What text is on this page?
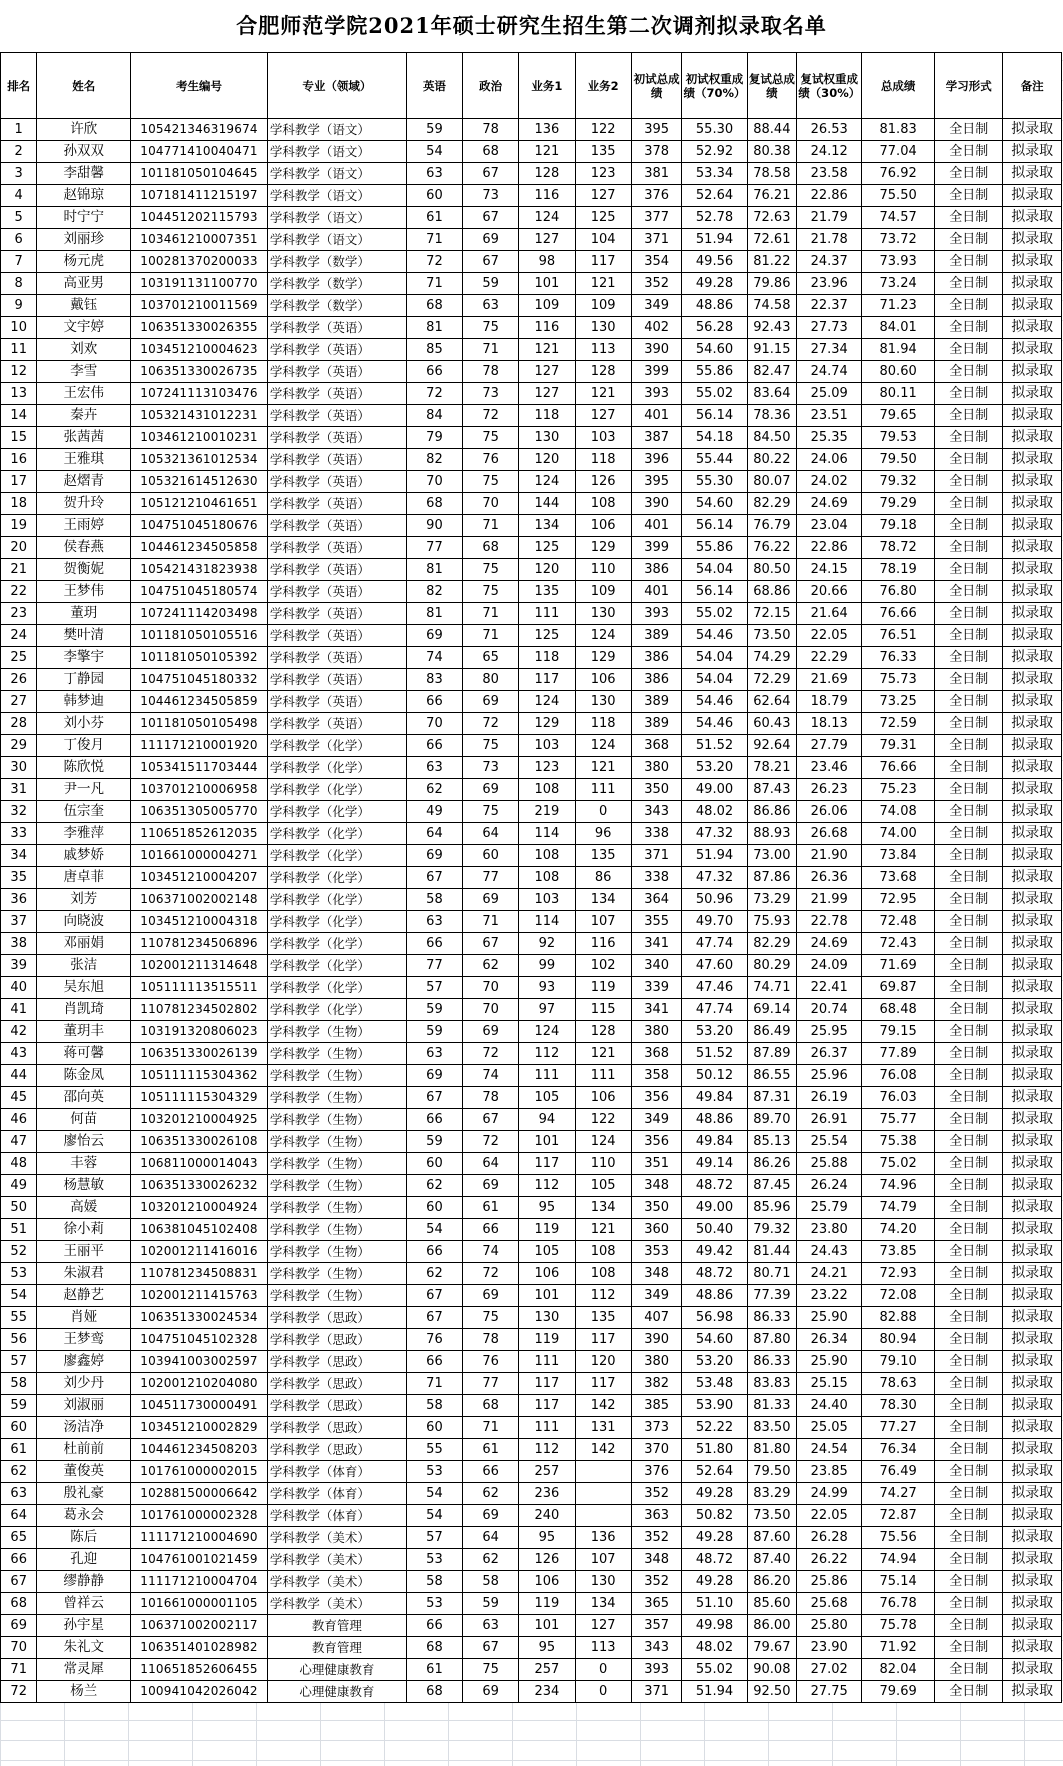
合肥师范学院2021年硕士研究生招生第二次调剂拟录取名单
排名	姓名	考生编号	专业（领域）	英语	政治	业务1	业务2	初试总成绩	初试权重成绩（70%）	复试总成绩	复试权重成绩（30%）	总成绩	学习形式	备注
1	许欣	105421346319674	学科教学（语文）	59	78	136	122	395	55.30	88.44	26.53	81.83	全日制	拟录取
2	孙双双	104771410040471	学科教学（语文）	54	68	121	135	378	52.92	80.38	24.12	77.04	全日制	拟录取
3	李甜馨	101181050104645	学科教学（语文）	63	67	128	123	381	53.34	78.58	23.58	76.92	全日制	拟录取
4	赵锦琼	107181411215197	学科教学（语文）	60	73	116	127	376	52.64	76.21	22.86	75.50	全日制	拟录取
5	时宁宁	104451202115793	学科教学（语文）	61	67	124	125	377	52.78	72.63	21.79	74.57	全日制	拟录取
6	刘丽珍	103461210007351	学科教学（语文）	71	69	127	104	371	51.94	72.61	21.78	73.72	全日制	拟录取
7	杨元虎	100281370200033	学科教学（数学）	72	67	98	117	354	49.56	81.22	24.37	73.93	全日制	拟录取
8	高亚男	103191131100770	学科教学（数学）	71	59	101	121	352	49.28	79.86	23.96	73.24	全日制	拟录取
9	戴钰	103701210011569	学科教学（数学）	68	63	109	109	349	48.86	74.58	22.37	71.23	全日制	拟录取
10	文宇婷	106351330026355	学科教学（英语）	81	75	116	130	402	56.28	92.43	27.73	84.01	全日制	拟录取
11	刘欢	103451210004623	学科教学（英语）	85	71	121	113	390	54.60	91.15	27.34	81.94	全日制	拟录取
12	李雪	106351330026735	学科教学（英语）	66	78	127	128	399	55.86	82.47	24.74	80.60	全日制	拟录取
13	王宏伟	107241113103476	学科教学（英语）	72	73	127	121	393	55.02	83.64	25.09	80.11	全日制	拟录取
14	秦卉	105321431012231	学科教学（英语）	84	72	118	127	401	56.14	78.36	23.51	79.65	全日制	拟录取
15	张茜茜	103461210010231	学科教学（英语）	79	75	130	103	387	54.18	84.50	25.35	79.53	全日制	拟录取
16	王雅琪	105321361012534	学科教学（英语）	82	76	120	118	396	55.44	80.22	24.06	79.50	全日制	拟录取
17	赵熠青	105321614512630	学科教学（英语）	70	75	124	126	395	55.30	80.07	24.02	79.32	全日制	拟录取
18	贺升玲	105121210461651	学科教学（英语）	68	70	144	108	390	54.60	82.29	24.69	79.29	全日制	拟录取
19	王雨婷	104751045180676	学科教学（英语）	90	71	134	106	401	56.14	76.79	23.04	79.18	全日制	拟录取
20	侯春燕	104461234505858	学科教学（英语）	77	68	125	129	399	55.86	76.22	22.86	78.72	全日制	拟录取
21	贺衡妮	105421431823938	学科教学（英语）	81	75	120	110	386	54.04	80.50	24.15	78.19	全日制	拟录取
22	王梦伟	104751045180574	学科教学（英语）	82	75	135	109	401	56.14	68.86	20.66	76.80	全日制	拟录取
23	董玥	107241114203498	学科教学（英语）	81	71	111	130	393	55.02	72.15	21.64	76.66	全日制	拟录取
24	樊叶清	101181050105516	学科教学（英语）	69	71	125	124	389	54.46	73.50	22.05	76.51	全日制	拟录取
25	李擎宇	101181050105392	学科教学（英语）	74	65	118	129	386	54.04	74.29	22.29	76.33	全日制	拟录取
26	丁静园	104751045180332	学科教学（英语）	83	80	117	106	386	54.04	72.29	21.69	75.73	全日制	拟录取
27	韩梦迪	104461234505859	学科教学（英语）	66	69	124	130	389	54.46	62.64	18.79	73.25	全日制	拟录取
28	刘小芬	101181050105498	学科教学（英语）	70	72	129	118	389	54.46	60.43	18.13	72.59	全日制	拟录取
29	丁俊月	111171210001920	学科教学（化学）	66	75	103	124	368	51.52	92.64	27.79	79.31	全日制	拟录取
30	陈欣悦	105341511703444	学科教学（化学）	63	73	123	121	380	53.20	78.21	23.46	76.66	全日制	拟录取
31	尹一凡	103701210006958	学科教学（化学）	62	69	108	111	350	49.00	87.43	26.23	75.23	全日制	拟录取
32	伍宗奎	106351305005770	学科教学（化学）	49	75	219	0	343	48.02	86.86	26.06	74.08	全日制	拟录取
33	李雅萍	110651852612035	学科教学（化学）	64	64	114	96	338	47.32	88.93	26.68	74.00	全日制	拟录取
34	戚梦娇	101661000004271	学科教学（化学）	69	60	108	135	371	51.94	73.00	21.90	73.84	全日制	拟录取
35	唐卓菲	103451210004207	学科教学（化学）	67	77	108	86	338	47.32	87.86	26.36	73.68	全日制	拟录取
36	刘芳	106371002002148	学科教学（化学）	58	69	103	134	364	50.96	73.29	21.99	72.95	全日制	拟录取
37	向晓波	103451210004318	学科教学（化学）	63	71	114	107	355	49.70	75.93	22.78	72.48	全日制	拟录取
38	邓丽娟	110781234506896	学科教学（化学）	66	67	92	116	341	47.74	82.29	24.69	72.43	全日制	拟录取
39	张洁	102001211314648	学科教学（化学）	77	62	99	102	340	47.60	80.29	24.09	71.69	全日制	拟录取
40	吴东旭	105111113515511	学科教学（化学）	57	70	93	119	339	47.46	74.71	22.41	69.87	全日制	拟录取
41	肖凯琦	110781234502802	学科教学（化学）	59	70	97	115	341	47.74	69.14	20.74	68.48	全日制	拟录取
42	董玥丰	103191320806023	学科教学（生物）	59	69	124	128	380	53.20	86.49	25.95	79.15	全日制	拟录取
43	蒋可馨	106351330026139	学科教学（生物）	63	72	112	121	368	51.52	87.89	26.37	77.89	全日制	拟录取
44	陈金凤	105111115304362	学科教学（生物）	69	74	111	111	358	50.12	86.55	25.96	76.08	全日制	拟录取
45	邵向英	105111115304329	学科教学（生物）	67	78	105	106	356	49.84	87.31	26.19	76.03	全日制	拟录取
46	何苗	103201210004925	学科教学（生物）	66	67	94	122	349	48.86	89.70	26.91	75.77	全日制	拟录取
47	廖怡云	106351330026108	学科教学（生物）	59	72	101	124	356	49.84	85.13	25.54	75.38	全日制	拟录取
48	丰蓉	106811000014043	学科教学（生物）	60	64	117	110	351	49.14	86.26	25.88	75.02	全日制	拟录取
49	杨慧敏	106351330026232	学科教学（生物）	62	69	112	105	348	48.72	87.45	26.24	74.96	全日制	拟录取
50	高媛	103201210004924	学科教学（生物）	60	61	95	134	350	49.00	85.96	25.79	74.79	全日制	拟录取
51	徐小莉	106381045102408	学科教学（生物）	54	66	119	121	360	50.40	79.32	23.80	74.20	全日制	拟录取
52	王丽平	102001211416016	学科教学（生物）	66	74	105	108	353	49.42	81.44	24.43	73.85	全日制	拟录取
53	朱淑君	110781234508831	学科教学（生物）	62	72	106	108	348	48.72	80.71	24.21	72.93	全日制	拟录取
54	赵静艺	102001211415763	学科教学（生物）	67	69	101	112	349	48.86	77.39	23.22	72.08	全日制	拟录取
55	肖娅	106351330024534	学科教学（思政）	67	75	130	135	407	56.98	86.33	25.90	82.88	全日制	拟录取
56	王梦鸾	104751045102328	学科教学（思政）	76	78	119	117	390	54.60	87.80	26.34	80.94	全日制	拟录取
57	廖鑫婷	103941003002597	学科教学（思政）	66	76	111	120	380	53.20	86.33	25.90	79.10	全日制	拟录取
58	刘少丹	102001210204080	学科教学（思政）	71	77	117	117	382	53.48	83.83	25.15	78.63	全日制	拟录取
59	刘淑丽	104511730000491	学科教学（思政）	58	68	117	142	385	53.90	81.33	24.40	78.30	全日制	拟录取
60	汤洁净	103451210002829	学科教学（思政）	60	71	111	131	373	52.22	83.50	25.05	77.27	全日制	拟录取
61	杜前前	104461234508203	学科教学（思政）	55	61	112	142	370	51.80	81.80	24.54	76.34	全日制	拟录取
62	董俊英	101761000002015	学科教学（体育）	53	66	257		376	52.64	79.50	23.85	76.49	全日制	拟录取
63	殷礼豪	102881500006642	学科教学（体育）	54	62	236		352	49.28	83.29	24.99	74.27	全日制	拟录取
64	葛永会	101761000002328	学科教学（体育）	54	69	240		363	50.82	73.50	22.05	72.87	全日制	拟录取
65	陈后	111171210004690	学科教学（美术）	57	64	95	136	352	49.28	87.60	26.28	75.56	全日制	拟录取
66	孔迎	104761001021459	学科教学（美术）	53	62	126	107	348	48.72	87.40	26.22	74.94	全日制	拟录取
67	缪静静	111171210004704	学科教学（美术）	58	58	106	130	352	49.28	86.20	25.86	75.14	全日制	拟录取
68	曾祥云	101661000001105	学科教学（美术）	53	59	119	134	365	51.10	85.60	25.68	76.78	全日制	拟录取
69	孙宇星	106371002002117	教育管理	66	63	101	127	357	49.98	86.00	25.80	75.78	全日制	拟录取
70	朱礼文	106351401028982	教育管理	68	67	95	113	343	48.02	79.67	23.90	71.92	全日制	拟录取
71	常灵犀	110651852606455	心理健康教育	61	75	257	0	393	55.02	90.08	27.02	82.04	全日制	拟录取
72	杨兰	100941042026042	心理健康教育	68	69	234	0	371	51.94	92.50	27.75	79.69	全日制	拟录取
